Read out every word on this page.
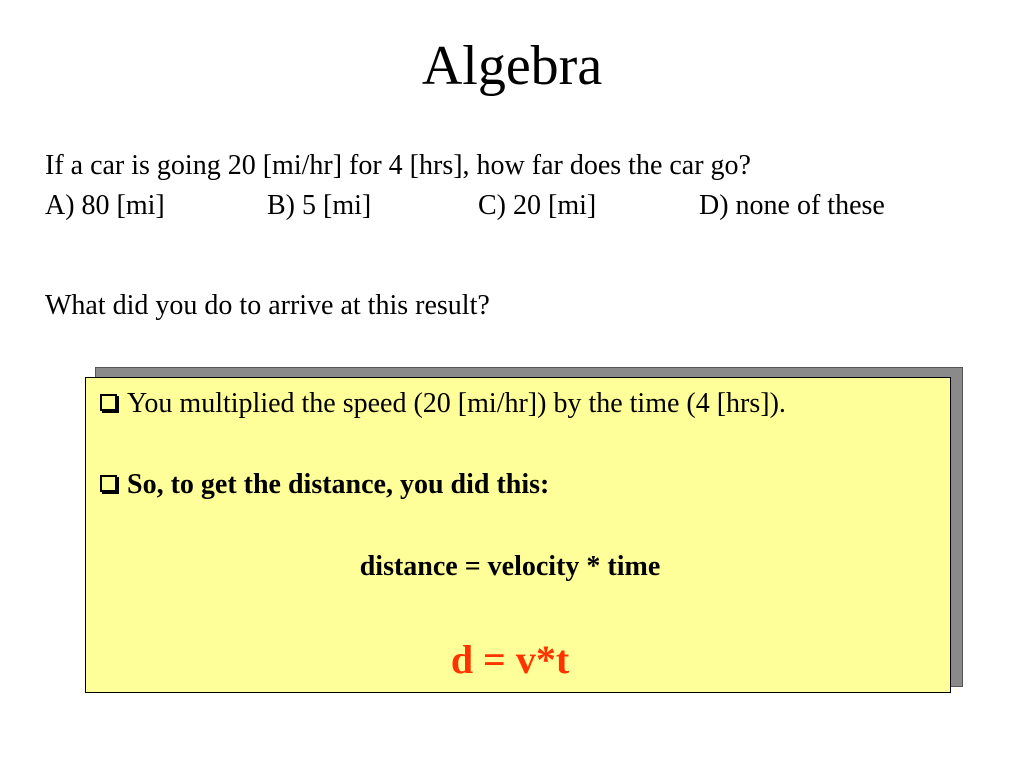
Algebra
If a car is going 20 [mi/hr] for 4 [hrs], how far does the car go?
A) 80 [mi]	B) 5 [mi]	C) 20 [mi]	D) none of these
What did you do to arrive at this result?
You multiplied the speed (20 [mi/hr]) by the time (4 [hrs]).
So, to get the distance, you did this:
distance = velocity * time
d = v*t
